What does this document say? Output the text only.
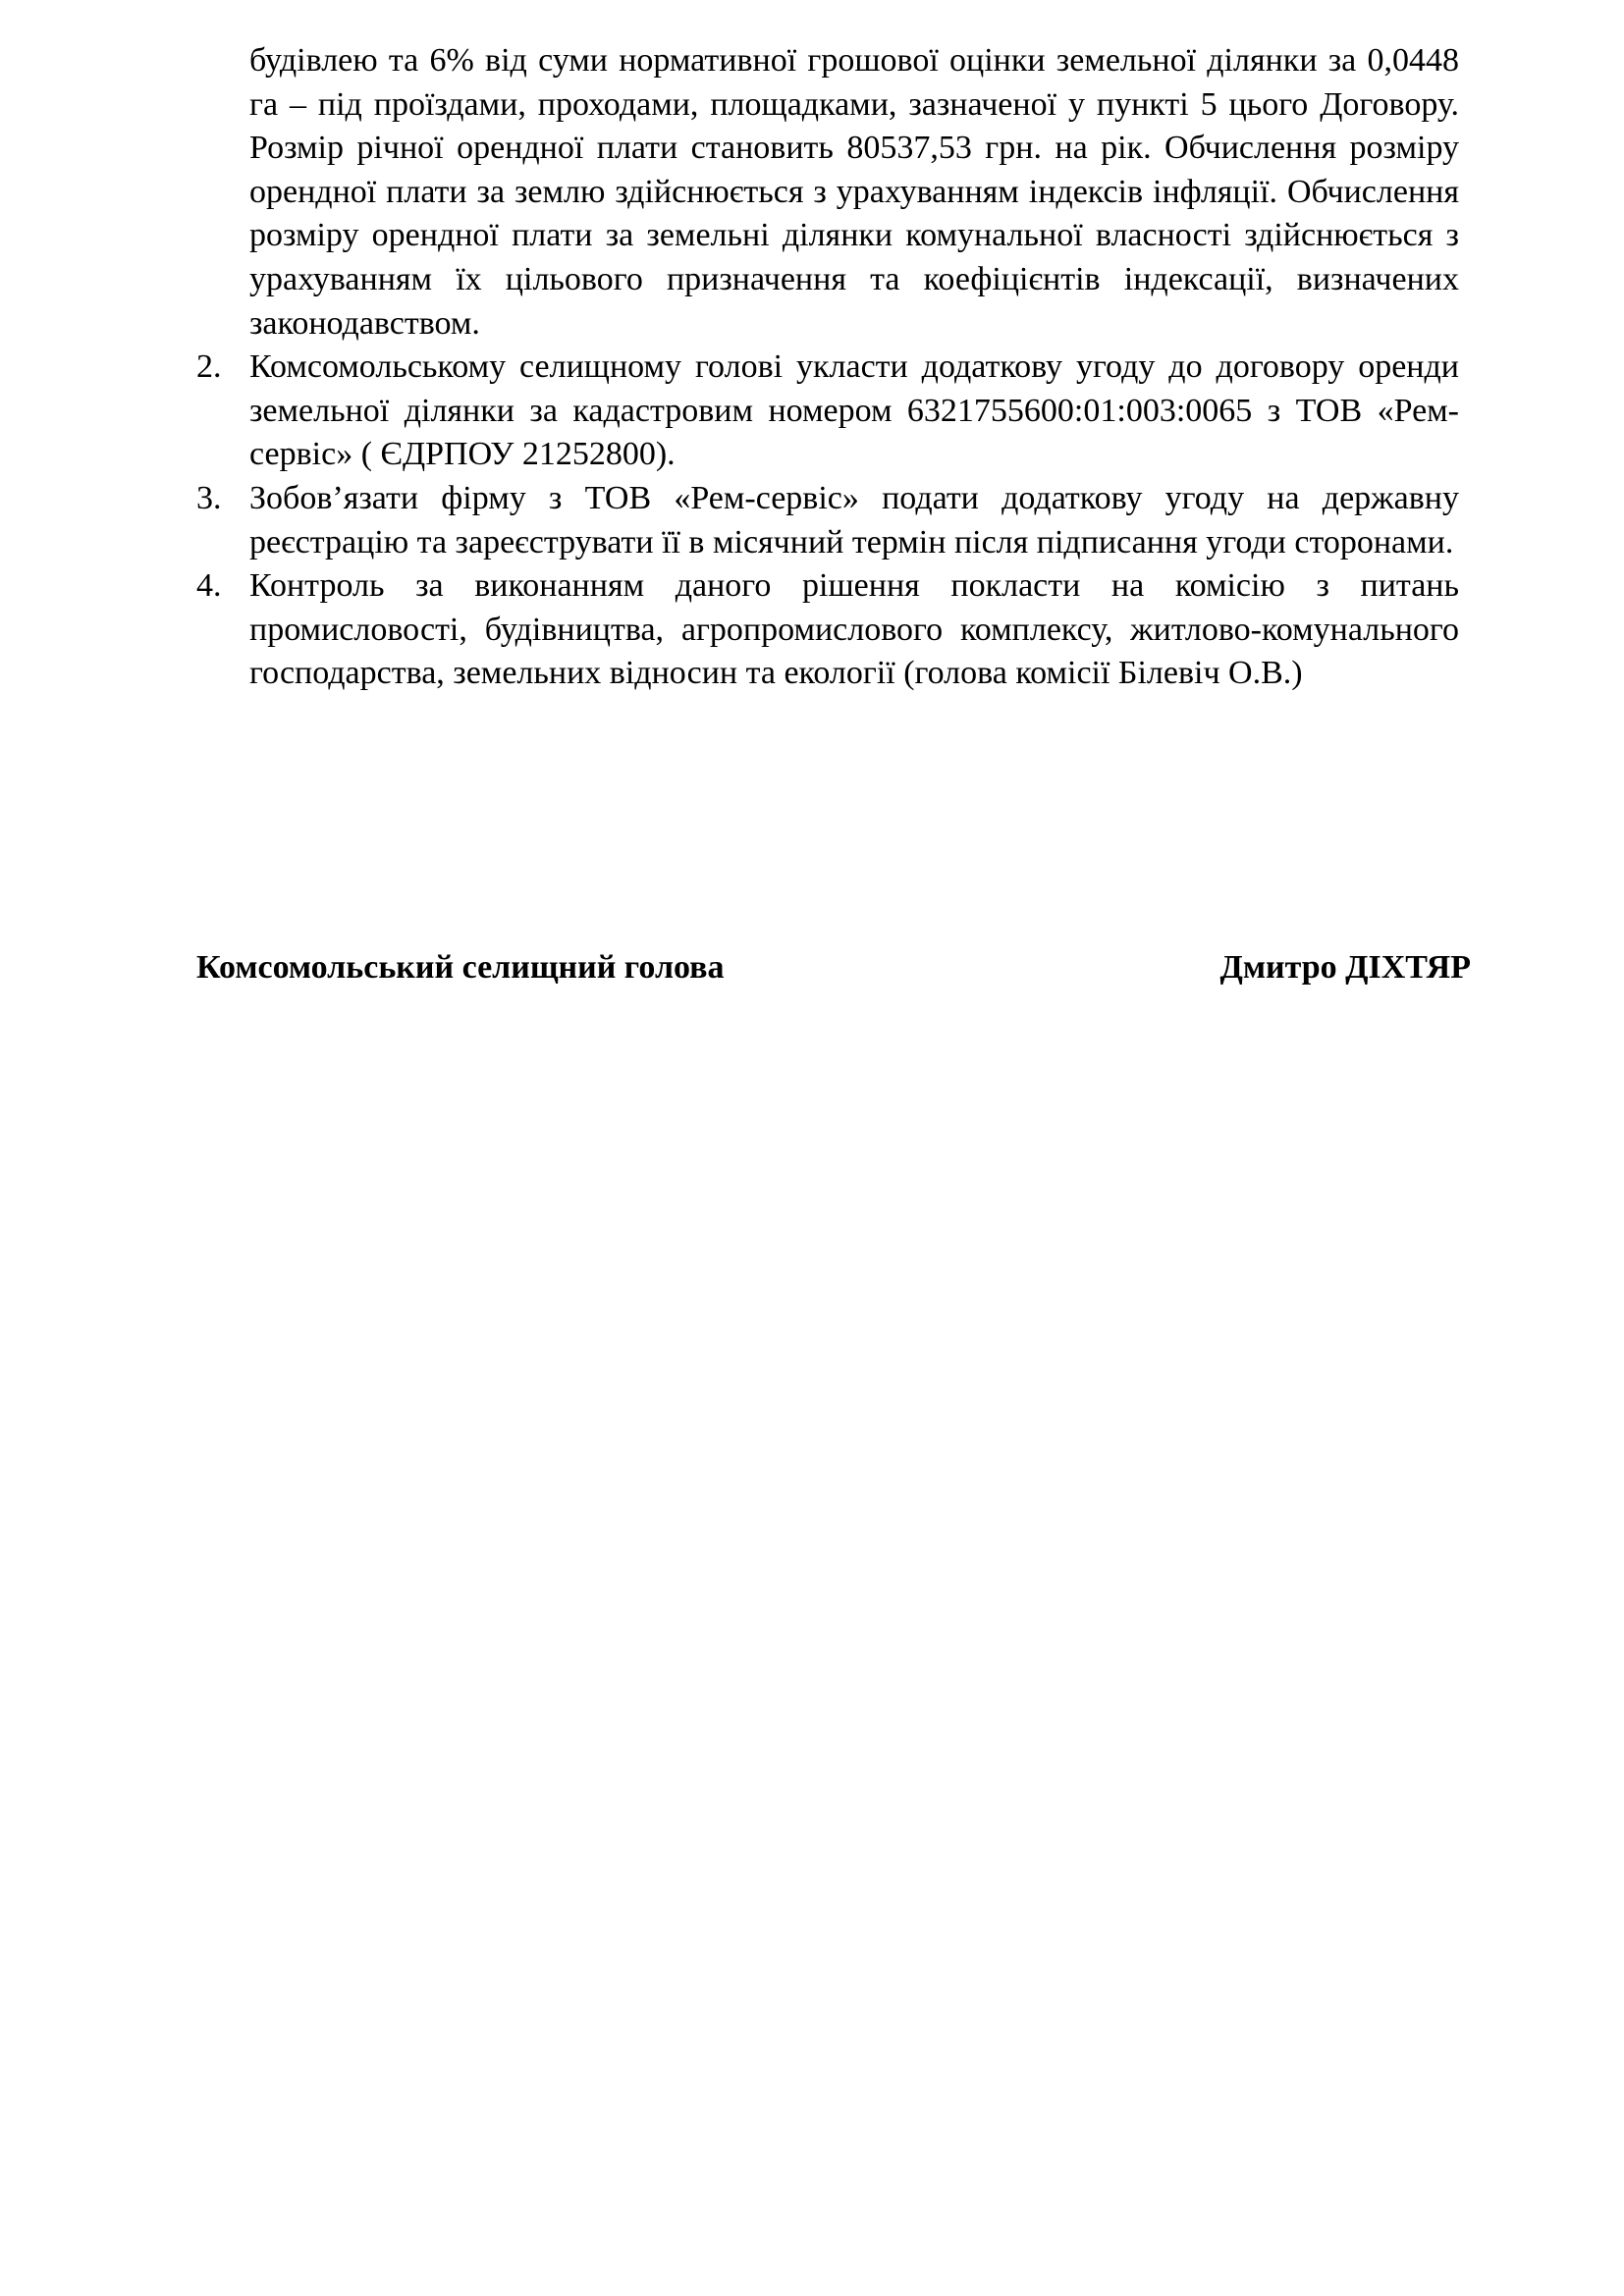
будівлею та 6% від суми нормативної грошової оцінки земельної ділянки за 0,0448 га – під проїздами, проходами, площадками, зазначеної у пункті 5 цього Договору. Розмір річної орендної плати становить 80537,53 грн. на рік. Обчислення розміру орендної плати за землю здійснюється з урахуванням індексів інфляції. Обчислення розміру орендної плати за земельні ділянки комунальної власності здійснюється з урахуванням їх цільового призначення та коефіцієнтів індексації, визначених законодавством.

2. Комсомольському селищному голові укласти додаткову угоду до договору оренди земельної ділянки за кадастровим номером 6321755600:01:003:0065 з ТОВ «Рем-сервіс» ( ЄДРПОУ 21252800).

3. Зобов’язати фірму з ТОВ «Рем-сервіс» подати додаткову угоду на державну реєстрацію та зареєструвати її в місячний термін після підписання угоди сторонами.

4. Контроль за виконанням даного рішення покласти на комісію з питань промисловості, будівництва, агропромислового комплексу, житлово-комунального господарства, земельних відносин та екології (голова комісії Білевіч О.В.)

Комсомольський селищний голова	Дмитро ДІХТЯР
